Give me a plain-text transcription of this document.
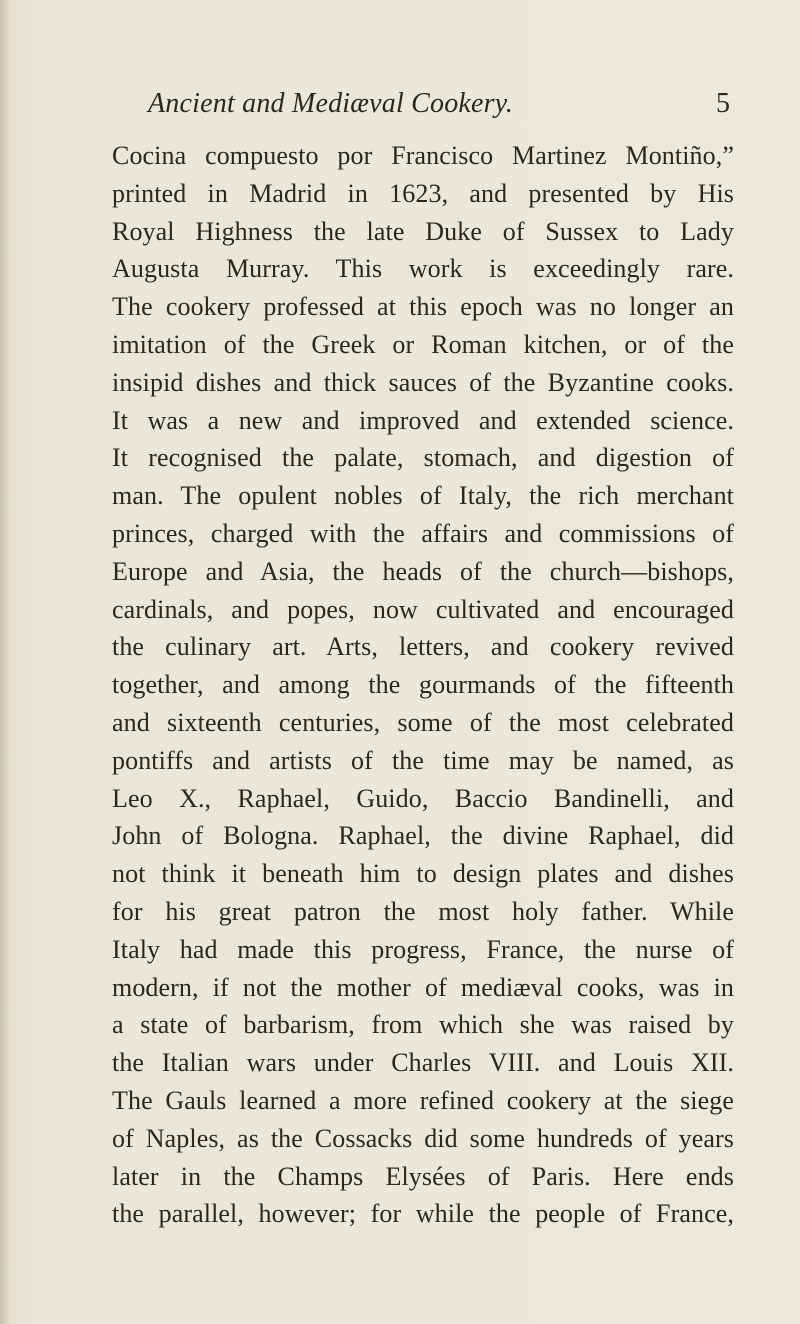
Ancient and Mediæval Cookery.	5
Cocina compuesto por Francisco Martinez Montiño,”
printed in Madrid in 1623, and presented by His
Royal Highness the late Duke of Sussex to Lady
Augusta Murray. This work is exceedingly rare.
The cookery professed at this epoch was no longer an
imitation of the Greek or Roman kitchen, or of the
insipid dishes and thick sauces of the Byzantine cooks.
It was a new and improved and extended science.
It recognised the palate, stomach, and digestion of
man. The opulent nobles of Italy, the rich merchant
princes, charged with the affairs and commissions of
Europe and Asia, the heads of the church—bishops,
cardinals, and popes, now cultivated and encouraged
the culinary art. Arts, letters, and cookery revived
together, and among the gourmands of the fifteenth
and sixteenth centuries, some of the most celebrated
pontiffs and artists of the time may be named, as
Leo X., Raphael, Guido, Baccio Bandinelli, and
John of Bologna. Raphael, the divine Raphael, did
not think it beneath him to design plates and dishes
for his great patron the most holy father. While
Italy had made this progress, France, the nurse of
modern, if not the mother of mediæval cooks, was in
a state of barbarism, from which she was raised by
the Italian wars under Charles VIII. and Louis XII.
The Gauls learned a more refined cookery at the siege
of Naples, as the Cossacks did some hundreds of years
later in the Champs Elysées of Paris. Here ends
the parallel, however; for while the people of France,
